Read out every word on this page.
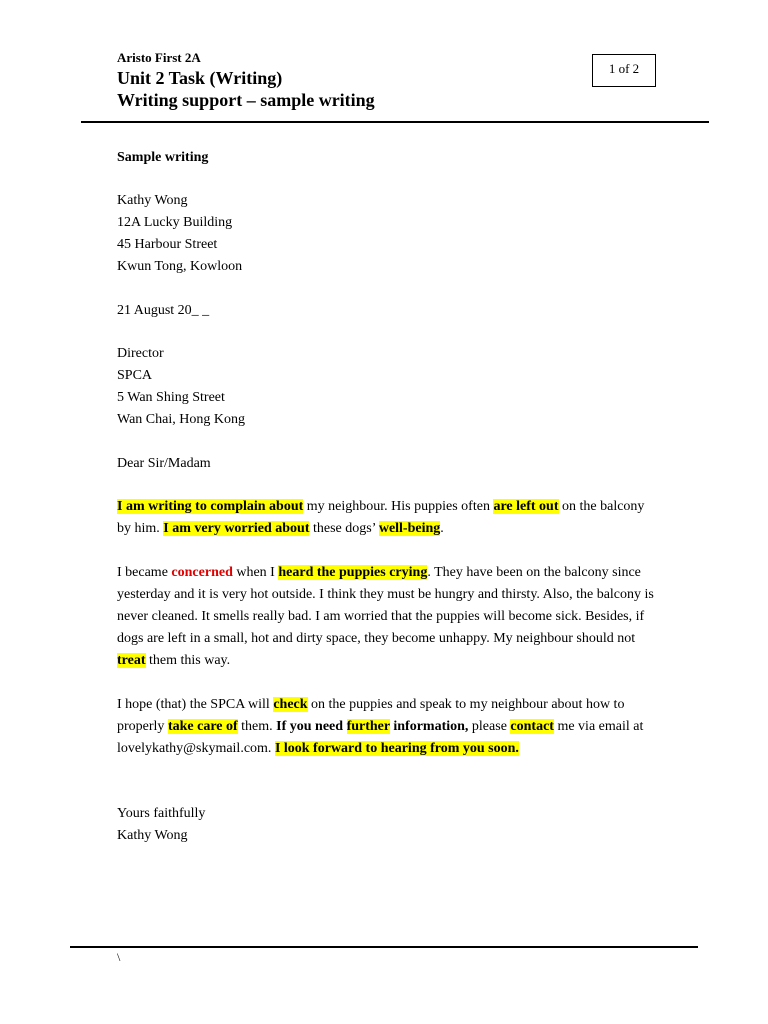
Aristo First 2A
Unit 2 Task (Writing)
Writing support – sample writing
1 of 2
Sample writing

Kathy Wong

12A Lucky Building

45 Harbour Street

Kwun Tong, Kowloon

21 August 20_ _

Director

SPCA

5 Wan Shing Street

Wan Chai, Hong Kong

Dear Sir/Madam
I am writing to complain about my neighbour. His puppies often are left out on the balcony by him. I am very worried about these dogs’ well-being.
I became concerned when I heard the puppies crying. They have been on the balcony since yesterday and it is very hot outside. I think they must be hungry and thirsty. Also, the balcony is never cleaned. It smells really bad. I am worried that the puppies will become sick. Besides, if dogs are left in a small, hot and dirty space, they become unhappy. My neighbour should not treat them this way.
I hope (that) the SPCA will check on the puppies and speak to my neighbour about how to properly take care of them. If you need further information, please contact me via email at lovelykathy@skymail.com. I look forward to hearing from you soon.
Yours faithfully
Kathy Wong
\
